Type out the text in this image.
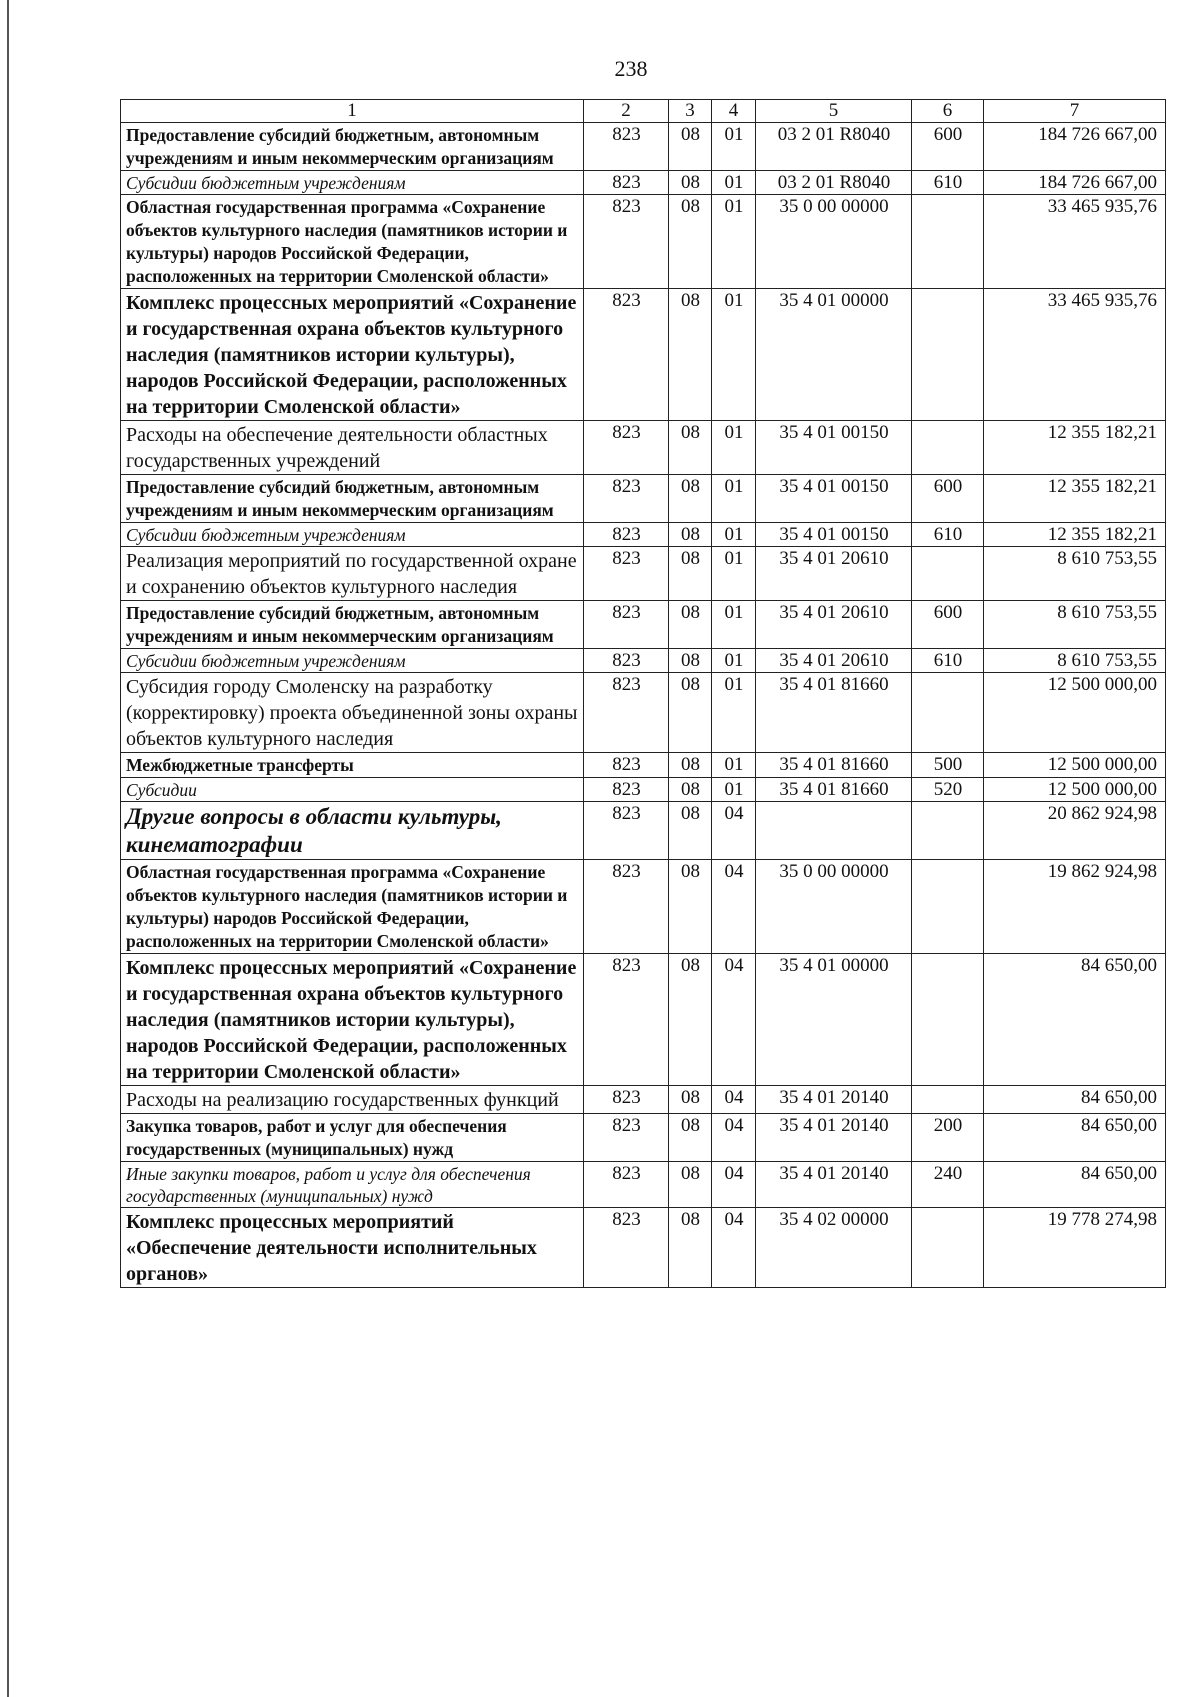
238
1	2	3	4	5	6	7
Предоставление субсидий бюджетным, автономным учреждениям и иным некоммерческим организациям	823	08	01	03 2 01 R8040	600	184 726 667,00
Субсидии бюджетным учреждениям	823	08	01	03 2 01 R8040	610	184 726 667,00
Областная государственная программа «Сохранение объектов культурного наследия (памятников истории и культуры) народов Российской Федерации, расположенных на территории Смоленской области»	823	08	01	35 0 00 00000		33 465 935,76
Комплекс процессных мероприятий «Сохранение и государственная охрана объектов культурного наследия (памятников истории культуры), народов Российской Федерации, расположенных на территории Смоленской области»	823	08	01	35 4 01 00000		33 465 935,76
Расходы на обеспечение деятельности областных государственных учреждений	823	08	01	35 4 01 00150		12 355 182,21
Предоставление субсидий бюджетным, автономным учреждениям и иным некоммерческим организациям	823	08	01	35 4 01 00150	600	12 355 182,21
Субсидии бюджетным учреждениям	823	08	01	35 4 01 00150	610	12 355 182,21
Реализация мероприятий по государственной охране и сохранению объектов культурного наследия	823	08	01	35 4 01 20610		8 610 753,55
Предоставление субсидий бюджетным, автономным учреждениям и иным некоммерческим организациям	823	08	01	35 4 01 20610	600	8 610 753,55
Субсидии бюджетным учреждениям	823	08	01	35 4 01 20610	610	8 610 753,55
Субсидия городу Смоленску на разработку (корректировку) проекта объединенной зоны охраны объектов культурного наследия	823	08	01	35 4 01 81660		12 500 000,00
Межбюджетные трансферты	823	08	01	35 4 01 81660	500	12 500 000,00
Субсидии	823	08	01	35 4 01 81660	520	12 500 000,00
Другие вопросы в области культуры, кинематографии	823	08	04			20 862 924,98
Областная государственная программа «Сохранение объектов культурного наследия (памятников истории и культуры) народов Российской Федерации, расположенных на территории Смоленской области»	823	08	04	35 0 00 00000		19 862 924,98
Комплекс процессных мероприятий «Сохранение и государственная охрана объектов культурного наследия (памятников истории культуры), народов Российской Федерации, расположенных на территории Смоленской области»	823	08	04	35 4 01 00000		84 650,00
Расходы на реализацию государственных функций	823	08	04	35 4 01 20140		84 650,00
Закупка товаров, работ и услуг для обеспечения государственных (муниципальных) нужд	823	08	04	35 4 01 20140	200	84 650,00
Иные закупки товаров, работ и услуг для обеспечения государственных (муниципальных) нужд	823	08	04	35 4 01 20140	240	84 650,00
Комплекс процессных мероприятий «Обеспечение деятельности исполнительных органов»	823	08	04	35 4 02 00000		19 778 274,98
